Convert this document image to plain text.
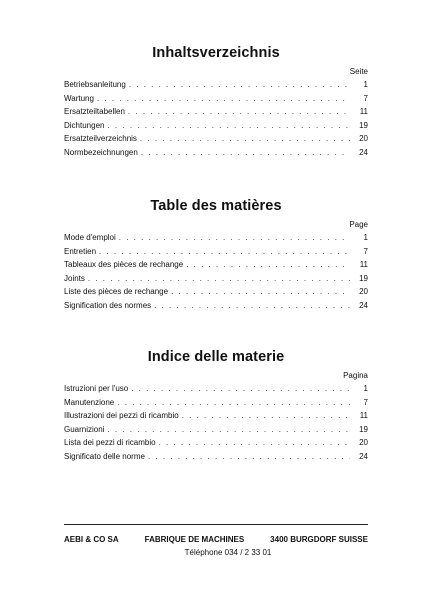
Inhaltsverzeichnis
Seite
Betriebsanleitung . . .	1
Wartung . . .	7
Ersatzteiltabellen . . .	11
Dichtungen . . .	19
Ersatzteilverzeichnis . . .	20
Normbezeichnungen . . .	24
Table des matières
Page
Mode d'emploi . . .	1
Entretien . . .	7
Tableaux des pièces de rechange . . .	11
Joints . . .	19
Liste des pièces de rechange . . .	20
Signification des normes . . .	24
Indice delle materie
Pagina
Istruzioni per l'uso . . .	1
Manutenzione . . .	7
Illustrazioni dei pezzi di ricambio . . .	11
Guarnizioni . . .	19
Lista dei pezzi di ricambio . . .	20
Significato delle norme . . .	24
AEBI & CO SA	FABRIQUE DE MACHINES	3400 BURGDORF SUISSE
Téléphone 034 / 2 33 01
